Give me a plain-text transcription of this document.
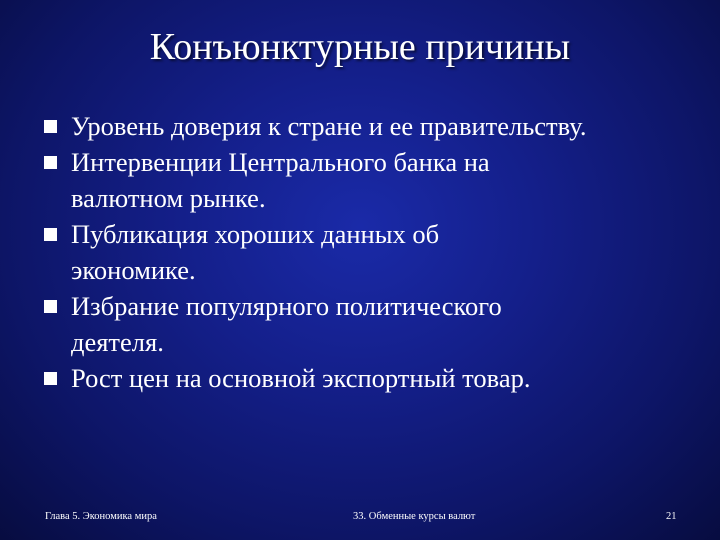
Конъюнктурные причины
Уровень доверия к стране и ее правительству.
Интервенции Центрального банка на валютном рынке.
Публикация хороших данных об экономике.
Избрание популярного политического деятеля.
Рост цен на основной экспортный товар.
Глава 5. Экономика мира	33. Обменные курсы валют	21
